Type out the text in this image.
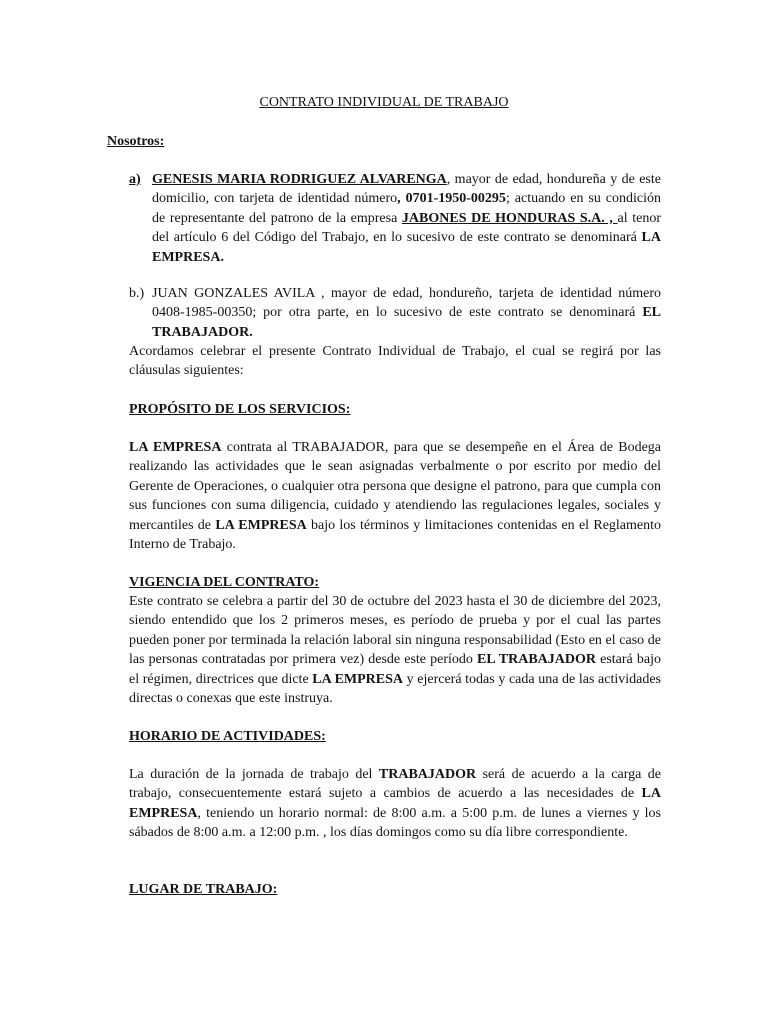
CONTRATO INDIVIDUAL DE TRABAJO
Nosotros:
a) GENESIS MARIA RODRIGUEZ ALVARENGA, mayor de edad, hondureña y de este domicilio, con tarjeta de identidad número, 0701-1950-00295; actuando en su condición de representante del patrono de la empresa JABONES DE HONDURAS S.A. , al tenor del artículo 6 del Código del Trabajo, en lo sucesivo de este contrato se denominará LA EMPRESA.
b.) JUAN GONZALES AVILA , mayor de edad, hondureño, tarjeta de identidad número 0408-1985-00350; por otra parte, en lo sucesivo de este contrato se denominará EL TRABAJADOR.
Acordamos celebrar el presente Contrato Individual de Trabajo, el cual se regirá por las cláusulas siguientes:
PROPÓSITO DE LOS SERVICIOS:
LA EMPRESA contrata al TRABAJADOR, para que se desempeñe en el Área de Bodega realizando las actividades que le sean asignadas verbalmente o por escrito por medio del Gerente de Operaciones, o cualquier otra persona que designe el patrono, para que cumpla con sus funciones con suma diligencia, cuidado y atendiendo las regulaciones legales, sociales y mercantiles de LA EMPRESA bajo los términos y limitaciones contenidas en el Reglamento Interno de Trabajo.
VIGENCIA DEL CONTRATO:
Este contrato se celebra a partir del 30 de octubre del 2023 hasta el 30 de diciembre del 2023, siendo entendido que los 2 primeros meses, es período de prueba y por el cual las partes pueden poner por terminada la relación laboral sin ninguna responsabilidad (Esto en el caso de las personas contratadas por primera vez) desde este período EL TRABAJADOR estará bajo el régimen, directrices que dicte LA EMPRESA y ejercerá todas y cada una de las actividades directas o conexas que este instruya.
HORARIO DE ACTIVIDADES:
La duración de la jornada de trabajo del TRABAJADOR será de acuerdo a la carga de trabajo, consecuentemente estará sujeto a cambios de acuerdo a las necesidades de LA EMPRESA, teniendo un horario normal: de 8:00 a.m. a 5:00 p.m. de lunes a viernes y los sábados de 8:00 a.m. a 12:00 p.m. , los días domingos como su día libre correspondiente.
LUGAR DE TRABAJO:
